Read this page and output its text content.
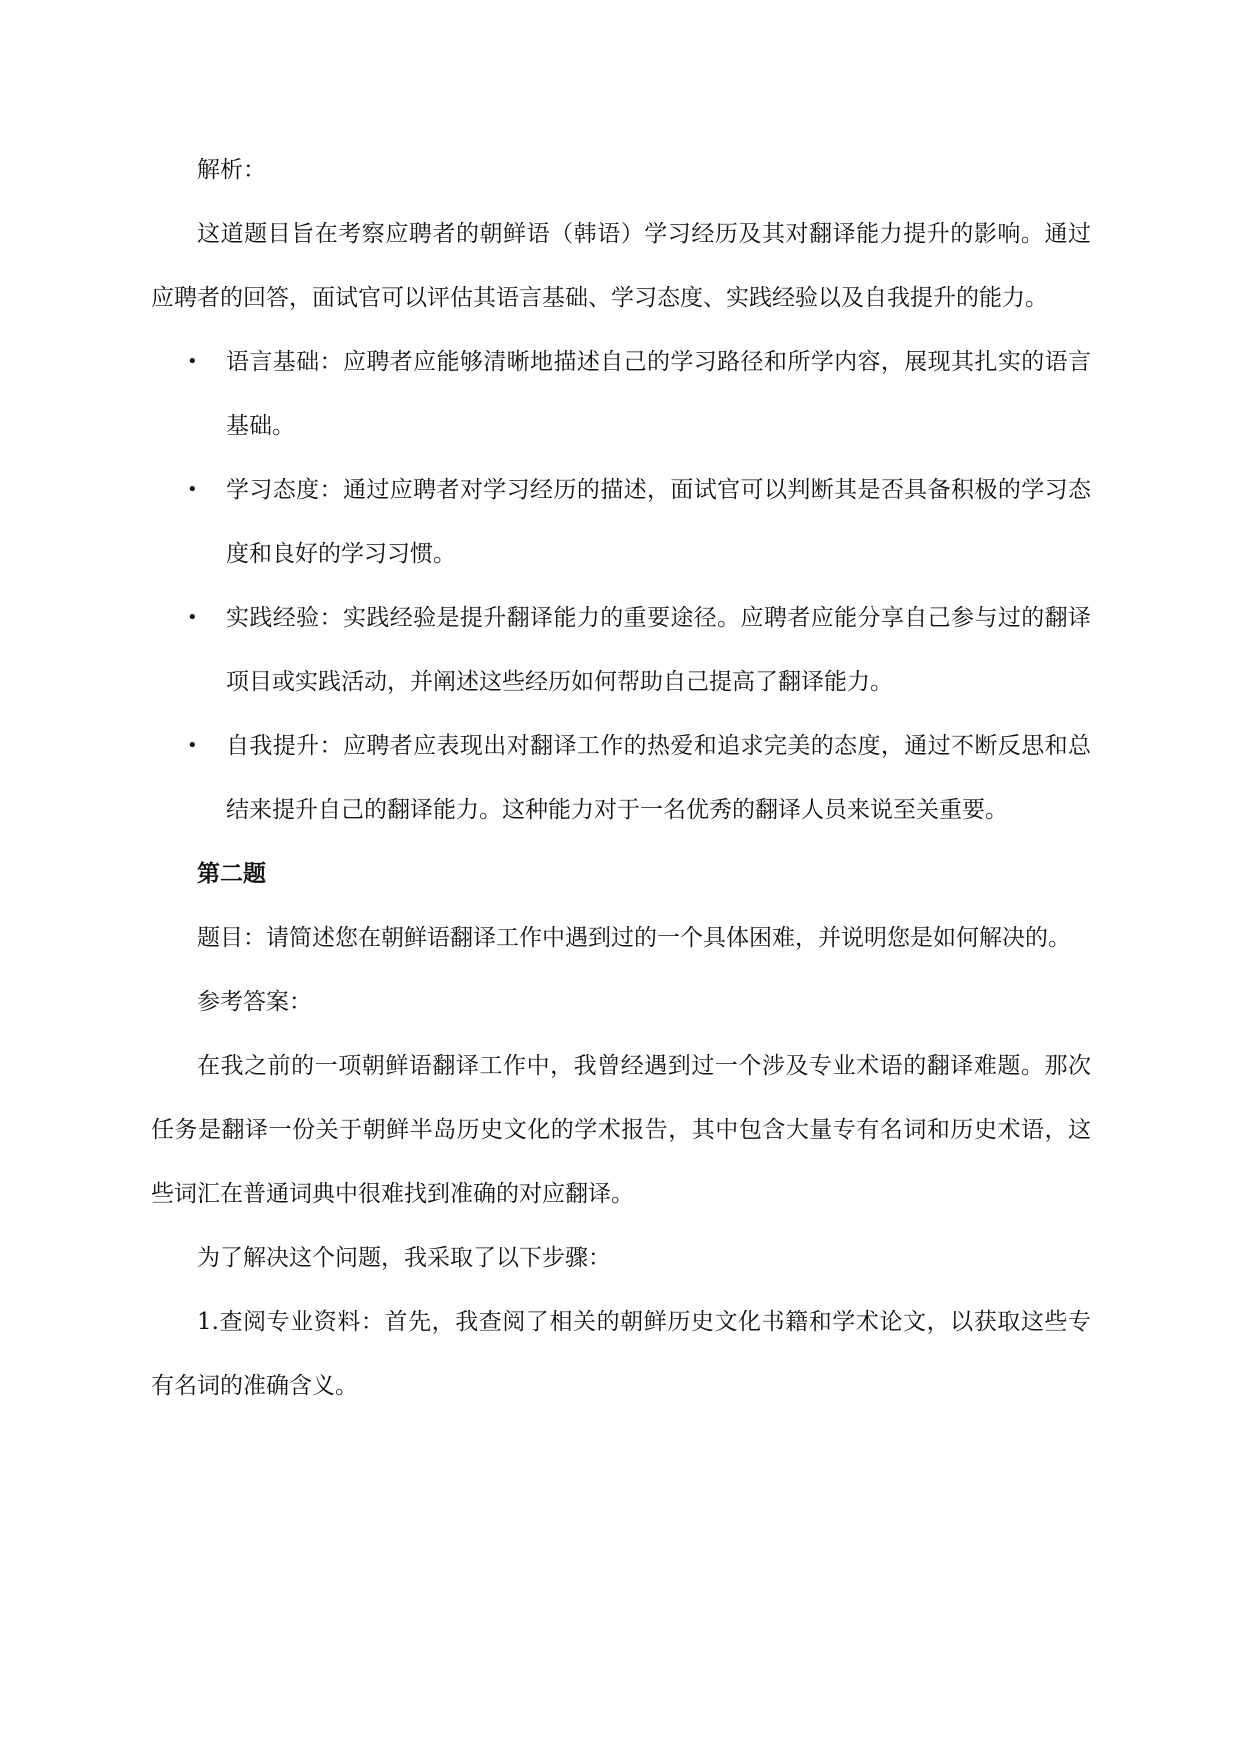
解析：

这道题目旨在考察应聘者的朝鲜语（韩语）学习经历及其对翻译能力提升的影响。通过应聘者的回答，面试官可以评估其语言基础、学习态度、实践经验以及自我提升的能力。

• 语言基础：应聘者应能够清晰地描述自己的学习路径和所学内容，展现其扎实的语言基础。
• 学习态度：通过应聘者对学习经历的描述，面试官可以判断其是否具备积极的学习态度和良好的学习习惯。
• 实践经验：实践经验是提升翻译能力的重要途径。应聘者应能分享自己参与过的翻译项目或实践活动，并阐述这些经历如何帮助自己提高了翻译能力。
• 自我提升：应聘者应表现出对翻译工作的热爱和追求完美的态度，通过不断反思和总结来提升自己的翻译能力。这种能力对于一名优秀的翻译人员来说至关重要。

第二题

题目：请简述您在朝鲜语翻译工作中遇到过的一个具体困难，并说明您是如何解决的。

参考答案：

在我之前的一项朝鲜语翻译工作中，我曾经遇到过一个涉及专业术语的翻译难题。那次任务是翻译一份关于朝鲜半岛历史文化的学术报告，其中包含大量专有名词和历史术语，这些词汇在普通词典中很难找到准确的对应翻译。

为了解决这个问题，我采取了以下步骤：

1.查阅专业资料：首先，我查阅了相关的朝鲜历史文化书籍和学术论文，以获取这些专有名词的准确含义。
